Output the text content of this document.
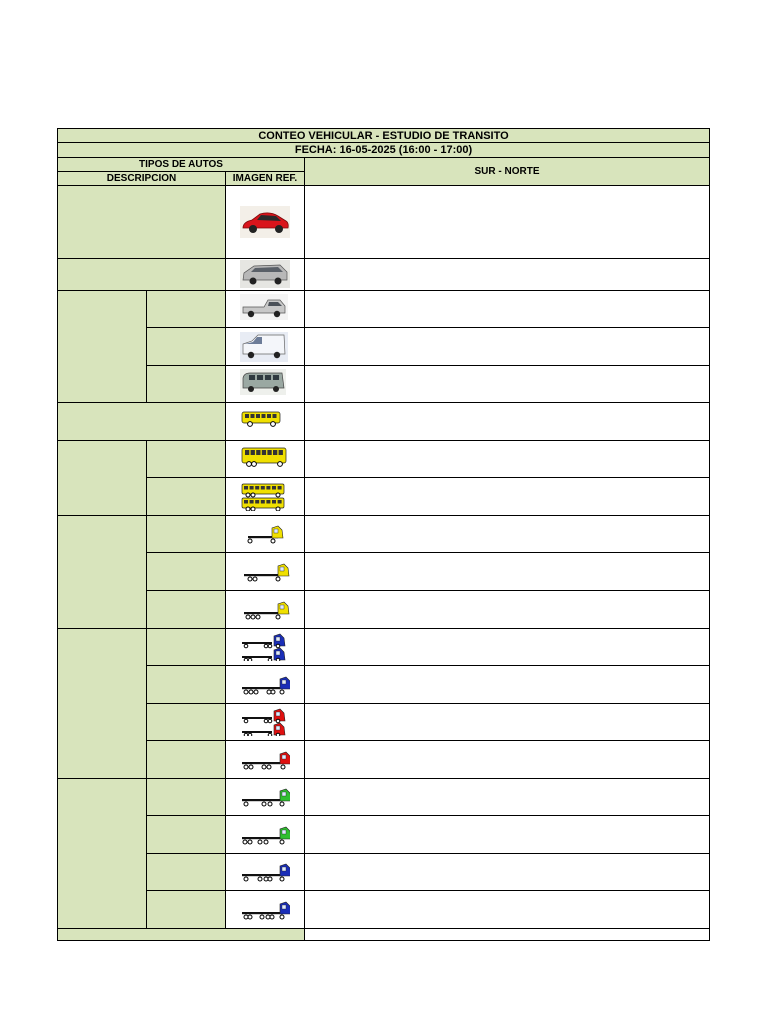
CONTEO VEHICULAR - ESTUDIO DE TRANSITO
FECHA: 16-05-2025 (16:00 - 17:00)
TIPOS DE AUTOS
DESCRIPCION	IMAGEN REF.
SUR - NORTE
